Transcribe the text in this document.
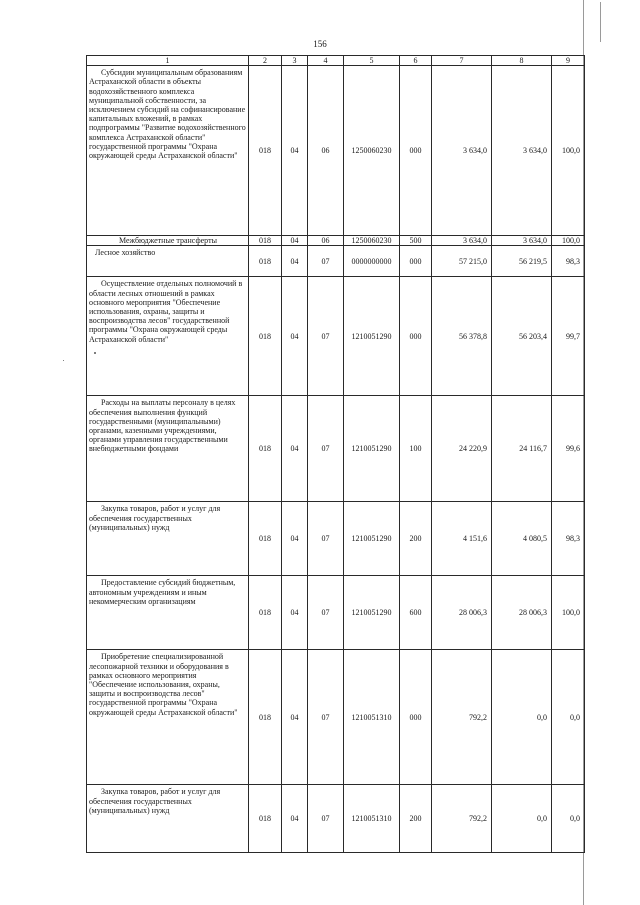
156
1	2	3	4	5	6	7	8	9

Субсидии муниципальным образованиям Астраханской области в объекты водохозяйственного комплекса муниципальной собственности, за исключением субсидий на софинансирование капитальных вложений, в рамках подпрограммы "Развитие водохозяйственного комплекса Астраханской области" государственной программы "Охрана окружающей среды Астраханской области"	018	04	06	1250060230	000	3 634,0	3 634,0	100,0

Межбюджетные трансферты	018	04	06	1250060230	500	3 634,0	3 634,0	100,0

Лесное хозяйство	018	04	07	0000000000	000	57 215,0	56 219,5	98,3

Осуществление отдельных полномочий в области лесных отношений в рамках основного мероприятия "Обеспечение использования, охраны, защиты и воспроизводства лесов" государственной программы "Охрана окружающей среды Астраханской области"	018	04	07	1210051290	000	56 378,8	56 203,4	99,7

Расходы на выплаты персоналу в целях обеспечения выполнения функций государственными (муниципальными) органами, казенными учреждениями, органами управления государственными внебюджетными фондами	018	04	07	1210051290	100	24 220,9	24 116,7	99,6

Закупка товаров, работ и услуг для обеспечения государственных (муниципальных) нужд	018	04	07	1210051290	200	4 151,6	4 080,5	98,3

Предоставление субсидий бюджетным, автономным учреждениям и иным некоммерческим организациям	018	04	07	1210051290	600	28 006,3	28 006,3	100,0

Приобретение специализированной лесопожарной техники и оборудования в рамках основного мероприятия "Обеспечение использования, охраны, защиты и воспроизводства лесов" государственной программы "Охрана окружающей среды Астраханской области"	018	04	07	1210051310	000	792,2	0,0	0,0

Закупка товаров, работ и услуг для обеспечения государственных (муниципальных) нужд	018	04	07	1210051310	200	792,2	0,0	0,0
